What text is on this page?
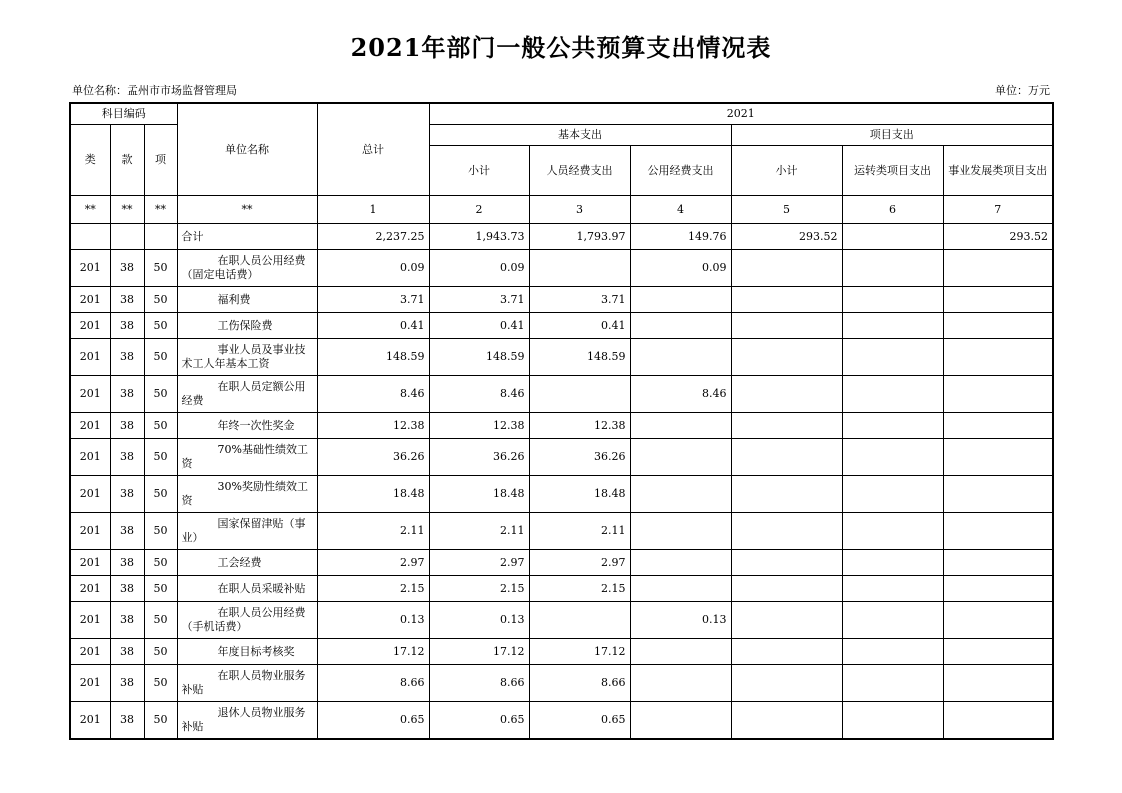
2021年部门一般公共预算支出情况表
单位名称：孟州市市场监督管理局	单位：万元
科目编码			单位名称	总计	2021					
类	款	项			基本支出			项目支出		
					小计	人员经费支出	公用经费支出	小计	运转类项目支出	事业发展类项目支出
**	**	**	**	1	2	3	4	5	6	7
			合计	2,237.25	1,943.73	1,793.97	149.76	293.52		293.52
201	38	50	在职人员公用经费
（固定电话费）	0.09	0.09		0.09			
201	38	50	福利费	3.71	3.71	3.71				
201	38	50	工伤保险费	0.41	0.41	0.41				
201	38	50	事业人员及事业技
术工人年基本工资	148.59	148.59	148.59				
201	38	50	在职人员定额公用
经费	8.46	8.46		8.46			
201	38	50	年终一次性奖金	12.38	12.38	12.38				
201	38	50	70%基础性绩效工
资	36.26	36.26	36.26				
201	38	50	30%奖励性绩效工
资	18.48	18.48	18.48				
201	38	50	国家保留津贴（事
业）	2.11	2.11	2.11				
201	38	50	工会经费	2.97	2.97	2.97				
201	38	50	在职人员采暖补贴	2.15	2.15	2.15				
201	38	50	在职人员公用经费
（手机话费）	0.13	0.13		0.13			
201	38	50	年度目标考核奖	17.12	17.12	17.12				
201	38	50	在职人员物业服务
补贴	8.66	8.66	8.66				
201	38	50	退休人员物业服务
补贴	0.65	0.65	0.65				
